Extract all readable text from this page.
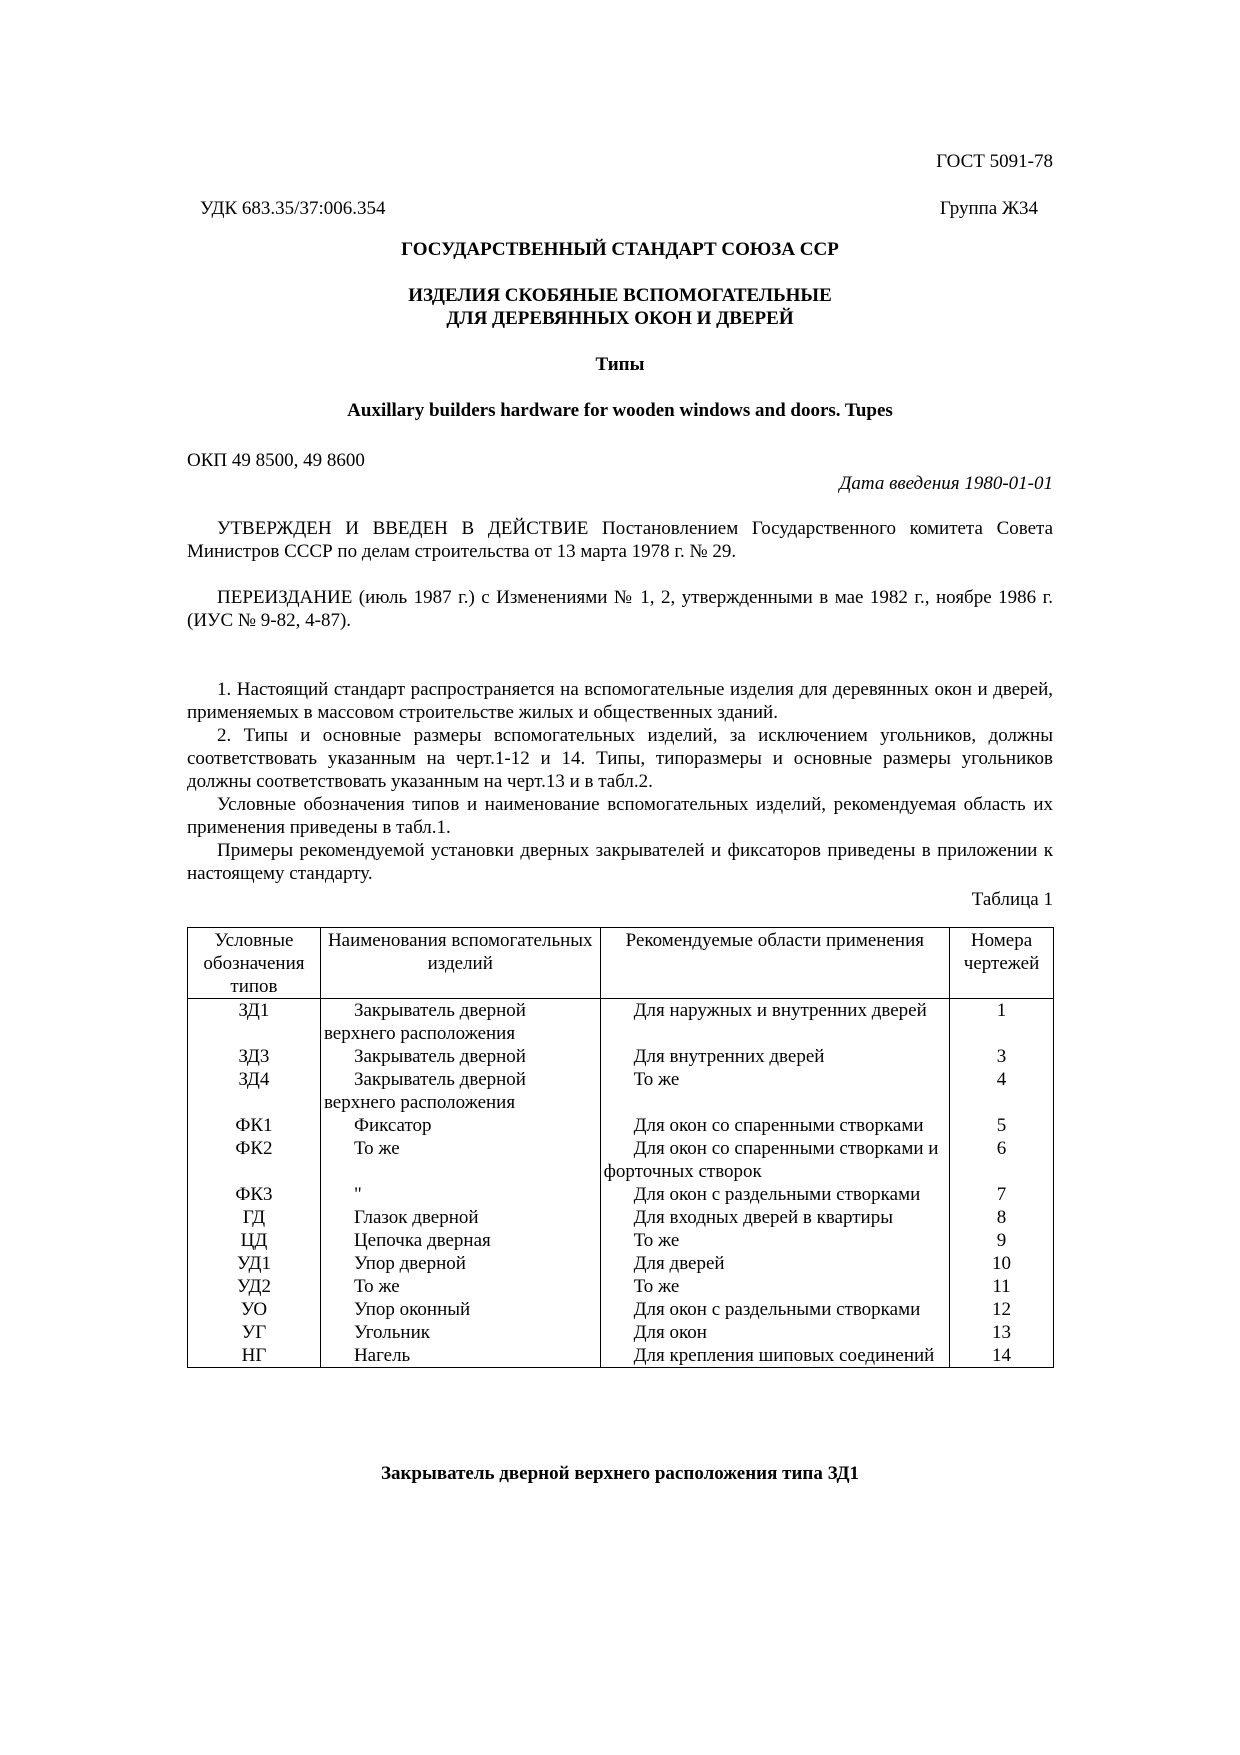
ГОСТ 5091-78
УДК 683.35/37:006.354	Группа Ж34
ГОСУДАРСТВЕННЫЙ СТАНДАРТ СОЮЗА ССР
ИЗДЕЛИЯ СКОБЯНЫЕ ВСПОМОГАТЕЛЬНЫЕ
ДЛЯ ДЕРЕВЯННЫХ ОКОН И ДВЕРЕЙ
Типы
Auxillary builders hardware for wooden windows and doors. Tupes
ОКП 49 8500, 49 8600
Дата введения 1980-01-01

УТВЕРЖДЕН И ВВЕДЕН В ДЕЙСТВИЕ Постановлением Государственного комитета Совета Министров СССР по делам строительства от 13 марта 1978 г. № 29.

ПЕРЕИЗДАНИЕ (июль 1987 г.) с Изменениями № 1, 2, утвержденными в мае 1982 г., ноябре 1986 г. (ИУС № 9-82, 4-87).

1. Настоящий стандарт распространяется на вспомогательные изделия для деревянных окон и дверей, применяемых в массовом строительстве жилых и общественных зданий.

2. Типы и основные размеры вспомогательных изделий, за исключением угольников, должны соответствовать указанным на черт.1-12 и 14. Типы, типоразмеры и основные размеры угольников должны соответствовать указанным на черт.13 и в табл.2.

Условные обозначения типов и наименование вспомогательных изделий, рекомендуемая область их применения приведены в табл.1.

Примеры рекомендуемой установки дверных закрывателей и фиксаторов приведены в приложении к настоящему стандарту.

Таблица 1
Условные обозначения типов	Наименования вспомогательных изделий	Рекомендуемые области применения	Номера чертежей
ЗД1	Закрыватель дверной верхнего расположения	Для наружных и внутренних дверей	1
ЗД3	Закрыватель дверной	Для внутренних дверей	3
ЗД4	Закрыватель дверной верхнего расположения	То же	4
ФК1	Фиксатор	Для окон со спаренными створками	5
ФК2	То же	Для окон со спаренными створками и форточных створок	6
ФК3	"	Для окон с раздельными створками	7
ГД	Глазок дверной	Для входных дверей в квартиры	8
ЦД	Цепочка дверная	То же	9
УД1	Упор дверной	Для дверей	10
УД2	То же	То же	11
УО	Упор оконный	Для окон с раздельными створками	12
УГ	Угольник	Для окон	13
НГ	Нагель	Для крепления шиповых соединений	14
Закрыватель дверной верхнего расположения типа ЗД1
